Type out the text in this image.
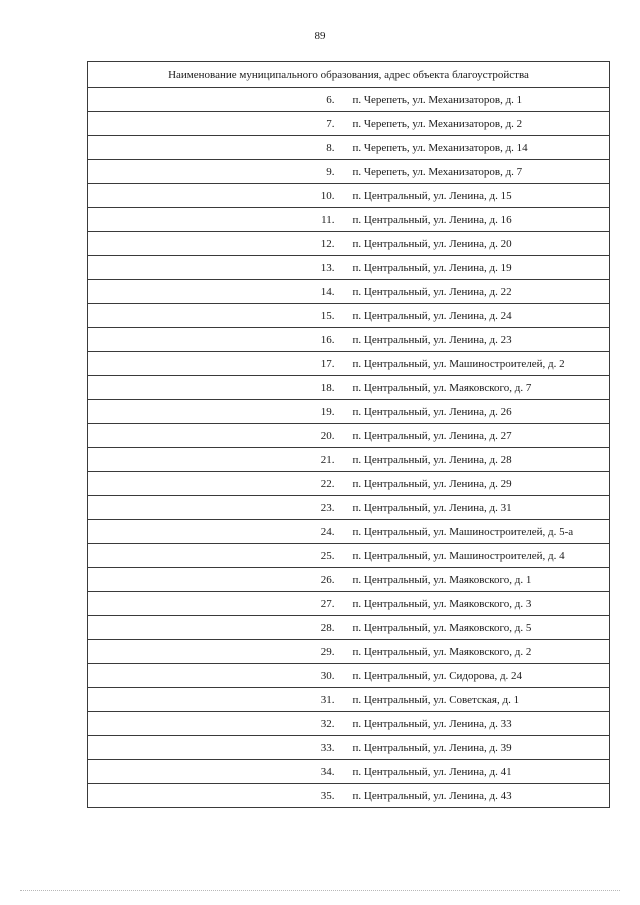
89
Наименование муниципального образования, адрес объекта благоустройства	
6.	п. Черепеть, ул. Механизаторов, д. 1
7.	п. Черепеть, ул. Механизаторов, д. 2
8.	п. Черепеть, ул. Механизаторов, д. 14
9.	п. Черепеть, ул. Механизаторов, д. 7
10.	п. Центральный, ул. Ленина, д. 15
11.	п. Центральный, ул. Ленина, д. 16
12.	п. Центральный, ул. Ленина, д. 20
13.	п. Центральный, ул. Ленина, д. 19
14.	п. Центральный, ул. Ленина, д. 22
15.	п. Центральный, ул. Ленина, д. 24
16.	п. Центральный, ул. Ленина, д. 23
17.	п. Центральный, ул. Машиностроителей, д. 2
18.	п. Центральный, ул. Маяковского, д. 7
19.	п. Центральный, ул. Ленина, д. 26
20.	п. Центральный, ул. Ленина, д. 27
21.	п. Центральный, ул. Ленина, д. 28
22.	п. Центральный, ул. Ленина, д. 29
23.	п. Центральный, ул. Ленина, д. 31
24.	п. Центральный, ул. Машиностроителей, д. 5-а
25.	п. Центральный, ул. Машиностроителей, д. 4
26.	п. Центральный, ул. Маяковского, д. 1
27.	п. Центральный, ул. Маяковского, д. 3
28.	п. Центральный, ул. Маяковского, д. 5
29.	п. Центральный, ул. Маяковского, д. 2
30.	п. Центральный, ул. Сидорова, д. 24
31.	п. Центральный, ул. Советская, д. 1
32.	п. Центральный, ул. Ленина, д. 33
33.	п. Центральный, ул. Ленина, д. 39
34.	п. Центральный, ул. Ленина, д. 41
35.	п. Центральный, ул. Ленина, д. 43
